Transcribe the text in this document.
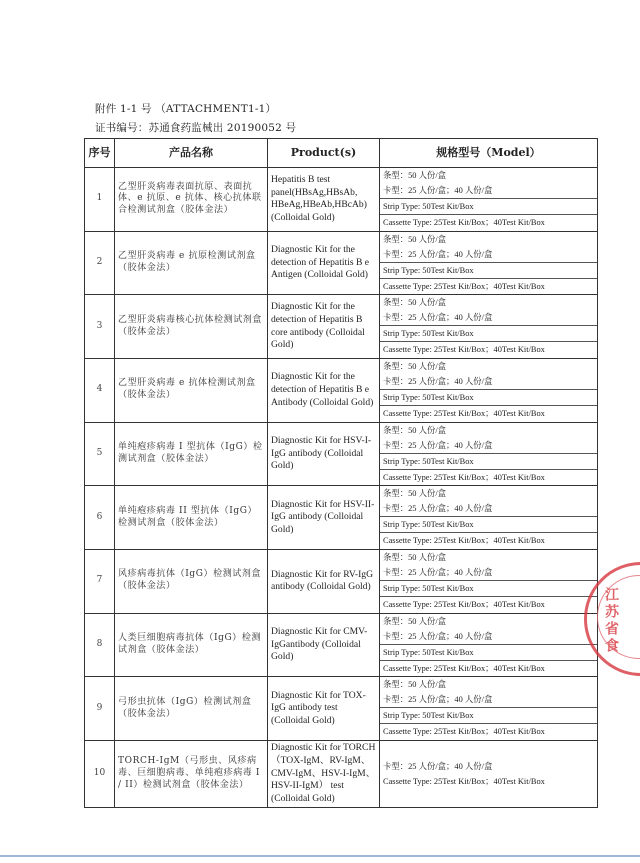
附件 1-1 号 （ATTACHMENT1-1）
证书编号：苏通食药监械出 20190052 号
序号	产品名称	Product(s)	规格型号（Model）
1	乙型肝炎病毒表面抗原、表面抗体、e 抗原、e 抗体、核心抗体联合检测试剂盒（胶体金法）	Hepatitis B test panel(HBsAg,HBsAb, HBeAg,HBeAb,HBcAb)(Colloidal Gold)	条型：50 人份/盒
卡型：25 人份/盒；40 人份/盒
Strip Type: 50Test Kit/Box
Cassette Type: 25Test Kit/Box；40Test Kit/Box

2	乙型肝炎病毒 e 抗原检测试剂盒（胶体金法）	Diagnostic Kit for the detection of Hepatitis B e Antigen (Colloidal Gold)	条型：50 人份/盒
卡型：25 人份/盒；40 人份/盒
Strip Type: 50Test Kit/Box
Cassette Type: 25Test Kit/Box；40Test Kit/Box

3	乙型肝炎病毒核心抗体检测试剂盒（胶体金法）	Diagnostic Kit for the detection of Hepatitis B core antibody (Colloidal Gold)	条型：50 人份/盒
卡型：25 人份/盒；40 人份/盒
Strip Type: 50Test Kit/Box
Cassette Type: 25Test Kit/Box；40Test Kit/Box

4	乙型肝炎病毒 e 抗体检测试剂盒（胶体金法）	Diagnostic Kit for the detection of Hepatitis B e Antibody (Colloidal Gold)	条型：50 人份/盒
卡型：25 人份/盒；40 人份/盒
Strip Type: 50Test Kit/Box
Cassette Type: 25Test Kit/Box；40Test Kit/Box

5	单纯疱疹病毒 I 型抗体（IgG）检测试剂盒（胶体金法）	Diagnostic Kit for HSV-I-IgG antibody (Colloidal Gold)	条型：50 人份/盒
卡型：25 人份/盒；40 人份/盒
Strip Type: 50Test Kit/Box
Cassette Type: 25Test Kit/Box；40Test Kit/Box

6	单纯疱疹病毒 II 型抗体（IgG）检测试剂盒（胶体金法）	Diagnostic Kit for HSV-II-IgG antibody (Colloidal Gold)	条型：50 人份/盒
卡型：25 人份/盒；40 人份/盒
Strip Type: 50Test Kit/Box
Cassette Type: 25Test Kit/Box；40Test Kit/Box

7	风疹病毒抗体（IgG）检测试剂盒（胶体金法）	Diagnostic Kit for RV-IgG antibody (Colloidal Gold)	条型：50 人份/盒
卡型：25 人份/盒；40 人份/盒
Strip Type: 50Test Kit/Box
Cassette Type: 25Test Kit/Box；40Test Kit/Box

8	人类巨细胞病毒抗体（IgG）检测试剂盒（胶体金法）	Diagnostic Kit for CMV-IgGantibody (Colloidal Gold)	条型：50 人份/盒
卡型：25 人份/盒；40 人份/盒
Strip Type: 50Test Kit/Box
Cassette Type: 25Test Kit/Box；40Test Kit/Box

9	弓形虫抗体（IgG）检测试剂盒（胶体金法）	Diagnostic Kit for TOX-IgG antibody test (Colloidal Gold)	条型：50 人份/盒
卡型：25 人份/盒；40 人份/盒
Strip Type: 50Test Kit/Box
Cassette Type: 25Test Kit/Box；40Test Kit/Box

10	TORCH-IgM（弓形虫、风疹病毒、巨细胞病毒、单纯疱疹病毒 I / II）检测试剂盒（胶体金法）	Diagnostic Kit for TORCH（TOX-IgM、RV-IgM、CMV-IgM、HSV-I-IgM、HSV-II-IgM） test (Colloidal Gold)	卡型：25 人份/盒；40 人份/盒
Cassette Type: 25Test Kit/Box；40Test Kit/Box
江苏省食
